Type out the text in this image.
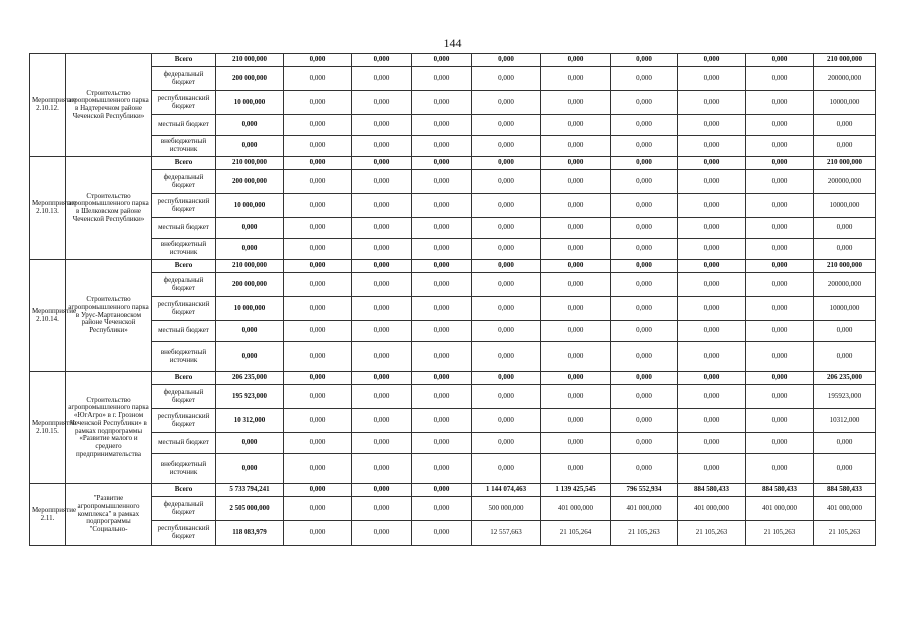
144
Меропприятие 2.10.12.	Строительство агропромышленного парка в Надтеречном районе Чеченской Республики»	Всего	210 000,000	0,000	0,000	0,000	0,000	0,000	0,000	0,000	0,000	210 000,000
		федеральный бюджет	200 000,000	0,000	0,000	0,000	0,000	0,000	0,000	0,000	0,000	200000,000
		республиканский бюджет	10 000,000	0,000	0,000	0,000	0,000	0,000	0,000	0,000	0,000	10000,000
		местный бюджет	0,000	0,000	0,000	0,000	0,000	0,000	0,000	0,000	0,000	0,000
		внебюджетный источник	0,000	0,000	0,000	0,000	0,000	0,000	0,000	0,000	0,000	0,000
Меропприятие 2.10.13.	Строительство агропромышленного парка в Шелковском районе Чеченской Республики»	Всего	210 000,000	0,000	0,000	0,000	0,000	0,000	0,000	0,000	0,000	210 000,000
		федеральный бюджет	200 000,000	0,000	0,000	0,000	0,000	0,000	0,000	0,000	0,000	200000,000
		республиканский бюджет	10 000,000	0,000	0,000	0,000	0,000	0,000	0,000	0,000	0,000	10000,000
		местный бюджет	0,000	0,000	0,000	0,000	0,000	0,000	0,000	0,000	0,000	0,000
		внебюджетный источник	0,000	0,000	0,000	0,000	0,000	0,000	0,000	0,000	0,000	0,000
Меропприятие 2.10.14.	Строительство агропромышленного парка в Урус-Мартановском районе Чеченской Республики»	Всего	210 000,000	0,000	0,000	0,000	0,000	0,000	0,000	0,000	0,000	210 000,000
		федеральный бюджет	200 000,000	0,000	0,000	0,000	0,000	0,000	0,000	0,000	0,000	200000,000
		республиканский бюджет	10 000,000	0,000	0,000	0,000	0,000	0,000	0,000	0,000	0,000	10000,000
		местный бюджет	0,000	0,000	0,000	0,000	0,000	0,000	0,000	0,000	0,000	0,000
		внебюджетный источник	0,000	0,000	0,000	0,000	0,000	0,000	0,000	0,000	0,000	0,000
Меропприятие 2.10.15.	Строительство агропромышленного парка «ЮгАгро» в г. Грозном Чеченской Республики» в рамках подпрограммы «Развитие малого и среднего предпринимательства	Всего	206 235,000	0,000	0,000	0,000	0,000	0,000	0,000	0,000	0,000	206 235,000
		федеральный бюджет	195 923,000	0,000	0,000	0,000	0,000	0,000	0,000	0,000	0,000	195923,000
		республиканский бюджет	10 312,000	0,000	0,000	0,000	0,000	0,000	0,000	0,000	0,000	10312,000
		местный бюджет	0,000	0,000	0,000	0,000	0,000	0,000	0,000	0,000	0,000	0,000
		внебюджетный источник	0,000	0,000	0,000	0,000	0,000	0,000	0,000	0,000	0,000	0,000
Меропприятие 2.11.	"Развитие агропромышленного комплекса" в рамках подпрограммы "Социально-	Всего	5 733 794,241	0,000	0,000	0,000	1 144 074,463	1 139 425,545	796 552,934	884 580,433	884 580,433	884 580,433
		федеральный бюджет	2 505 000,000	0,000	0,000	0,000	500 000,000	401 000,000	401 000,000	401 000,000	401 000,000	401 000,000
		республиканский бюджет	118 083,979	0,000	0,000	0,000	12 557,663	21 105,264	21 105,263	21 105,263	21 105,263	21 105,263
